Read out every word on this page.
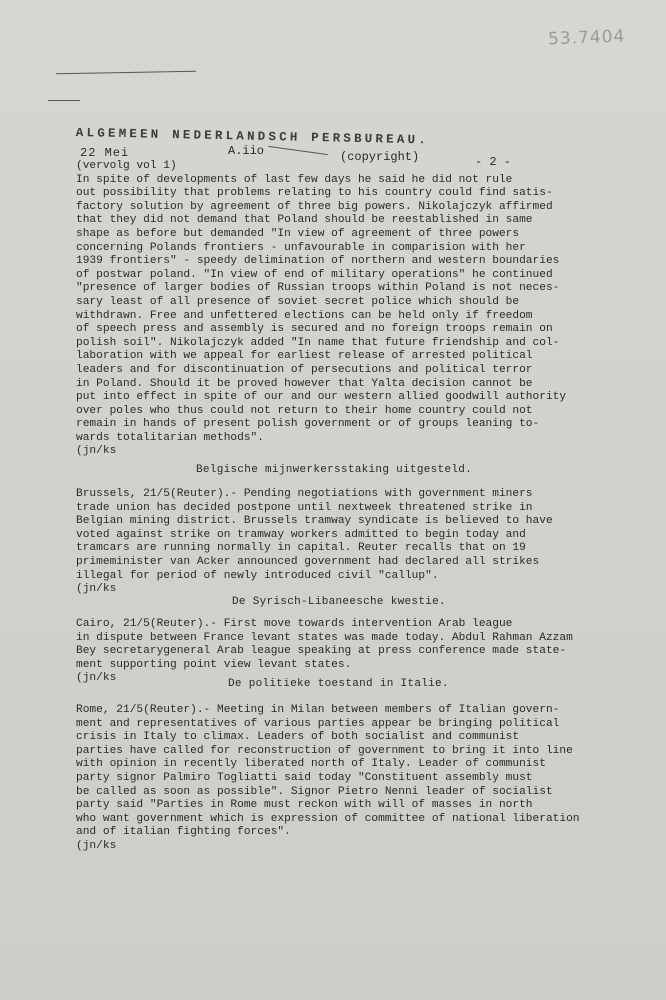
53.7404
ALGEMEEN NEDERLANDSCH PERSBUREAU.
22 Mei	A.iio	(copyright)	- 2 -
(vervolg vol 1)
In spite of developments of last few days he said he did not rule
out possibility that problems relating to his country could find satis-
factory solution by agreement of three big powers. Nikolajczyk affirmed
that they did not demand that Poland should be reestablished in same
shape as before but demanded "In view of agreement of three powers
concerning Polands frontiers - unfavourable in comparision with her
1939 frontiers" - speedy delimination of northern and western boundaries
of postwar poland. "In view of end of military operations" he continued
"presence of larger bodies of Russian troops within Poland is not neces-
sary least of all presence of soviet secret police which should be
withdrawn. Free and unfettered elections can be held only if freedom
of speech press and assembly is secured and no foreign troops remain on
polish soil". Nikolajczyk added "In name that future friendship and col-
laboration with we appeal for earliest release of arrested political
leaders and for discontinuation of persecutions and political terror
in Poland. Should it be proved however that Yalta decision cannot be
put into effect in spite of our and our western allied goodwill authority
over poles who thus could not return to their home country could not
remain in hands of present polish government or of groups leaning to-
wards totalitarian methods".
(jn/ks
Belgische mijnwerkersstaking uitgesteld.
Brussels, 21/5(Reuter).- Pending negotiations with government miners
trade union has decided postpone until nextweek threatened strike in
Belgian mining district. Brussels tramway syndicate is believed to have
voted against strike on tramway workers admitted to begin today and
tramcars are running normally in capital. Reuter recalls that on 19
primeminister van Acker announced government had declared all strikes
illegal for period of newly introduced civil "callup".
(jn/ks
De Syrisch-Libaneesche kwestie.
Cairo, 21/5(Reuter).- First move towards intervention Arab league
in dispute between France levant states was made today. Abdul Rahman Azzam
Bey secretarygeneral Arab league speaking at press conference made state-
ment supporting point view levant states.
(jn/ks	De politieke toestand in Italie.
Rome, 21/5(Reuter).- Meeting in Milan between members of Italian govern-
ment and representatives of various parties appear be bringing political
crisis in Italy to climax. Leaders of both socialist and communist
parties have called for reconstruction of government to bring it into line
with opinion in recently liberated north of Italy. Leader of communist
party signor Palmiro Togliatti said today "Constituent assembly must
be called as soon as possible". Signor Pietro Nenni leader of socialist
party said "Parties in Rome must reckon with will of masses in north
who want government which is expression of committee of national liberation
and of italian fighting forces".
(jn/ks
